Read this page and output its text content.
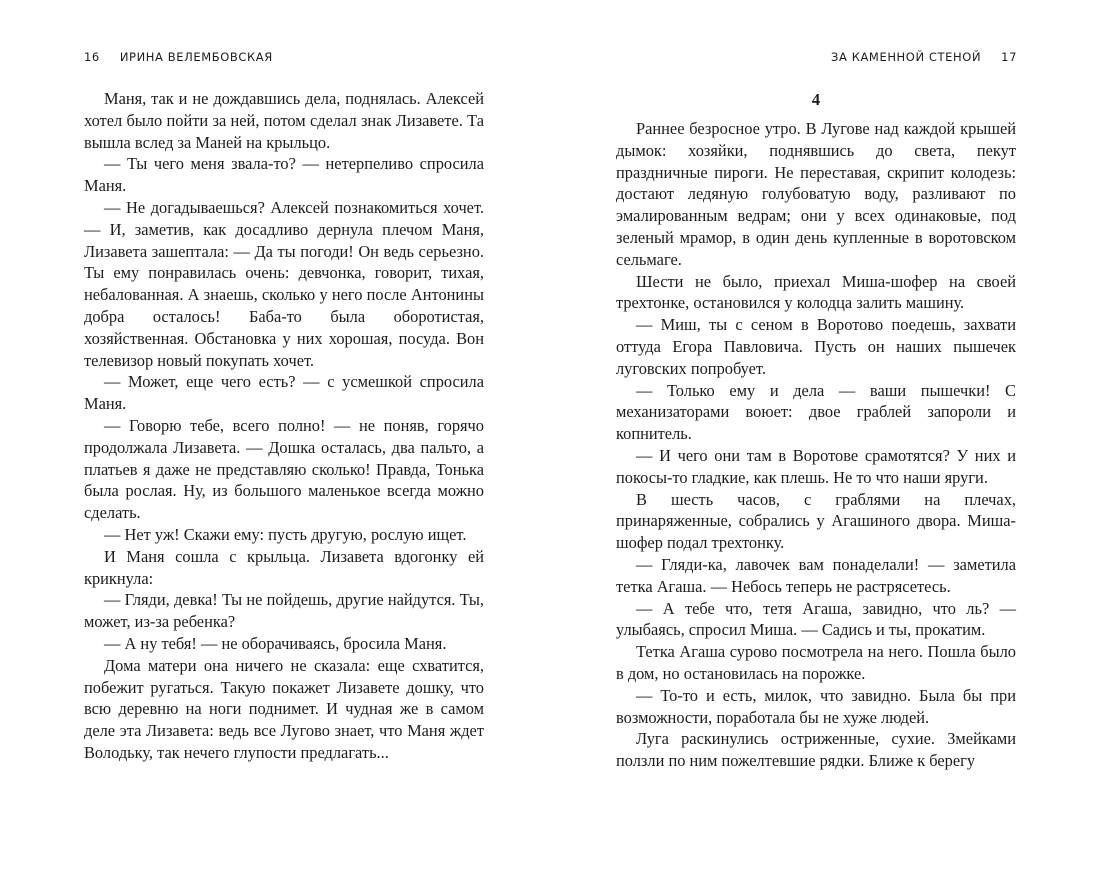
16 ИРИНА ВЕЛЕМБОВСКАЯ

Маня, так и не дождавшись дела, поднялась. Алексей хотел было пойти за ней, потом сделал знак Лизавете. Та вышла вслед за Маней на крыльцо.

— Ты чего меня звала-то? — нетерпеливо спросила Маня.

— Не догадываешься? Алексей познакомиться хочет. — И, заметив, как досадливо дернула плечом Маня, Лизавета зашептала: — Да ты погоди! Он ведь серьезно. Ты ему понравилась очень: девчонка, говорит, тихая, небалованная. А знаешь, сколько у него после Антонины добра осталось! Баба-то была оборотистая, хозяйственная. Обстановка у них хорошая, посуда. Вон телевизор новый покупать хочет.

— Может, еще чего есть? — с усмешкой спросила Маня.

— Говорю тебе, всего полно! — не поняв, горячо продолжала Лизавета. — Дошка осталась, два пальто, а платьев я даже не представляю сколько! Правда, Тонька была рослая. Ну, из большого маленькое всегда можно сделать.

— Нет уж! Скажи ему: пусть другую, рослую ищет.

И Маня сошла с крыльца. Лизавета вдогонку ей крикнула:

— Гляди, девка! Ты не пойдешь, другие найдутся. Ты, может, из-за ребенка?

— А ну тебя! — не оборачиваясь, бросила Маня.

Дома матери она ничего не сказала: еще схватится, побежит ругаться. Такую покажет Лизавете дошку, что всю деревню на ноги поднимет. И чудная же в самом деле эта Лизавета: ведь все Лугово знает, что Маня ждет Володьку, так нечего глупости предлагать...

ЗА КАМЕННОЙ СТЕНОЙ 17

4

Раннее безросное утро. В Лугове над каждой крышей дымок: хозяйки, поднявшись до света, пекут праздничные пироги. Не переставая, скрипит колодезь: достают ледяную голубоватую воду, разливают по эмалированным ведрам; они у всех одинаковые, под зеленый мрамор, в один день купленные в воротовском сельмаге.

Шести не было, приехал Миша-шофер на своей трехтонке, остановился у колодца залить машину.

— Миш, ты с сеном в Воротово поедешь, захвати оттуда Егора Павловича. Пусть он наших пышечек луговских попробует.

— Только ему и дела — ваши пышечки! С механизаторами воюет: двое граблей запороли и копнитель.

— И чего они там в Воротове срамотятся? У них и покосы-то гладкие, как плешь. Не то что наши яруги.

В шесть часов, с граблями на плечах, принаряженные, собрались у Агашиного двора. Миша-шофер подал трехтонку.

— Гляди-ка, лавочек вам понаделали! — заметила тетка Агаша. — Небось теперь не растрясетесь.

— А тебе что, тетя Агаша, завидно, что ль? — улыбаясь, спросил Миша. — Садись и ты, прокатим.

Тетка Агаша сурово посмотрела на него. Пошла было в дом, но остановилась на порожке.

— То-то и есть, милок, что завидно. Была бы при возможности, поработала бы не хуже людей.

Луга раскинулись остриженные, сухие. Змейками ползли по ним пожелтевшие рядки. Ближе к берегу
